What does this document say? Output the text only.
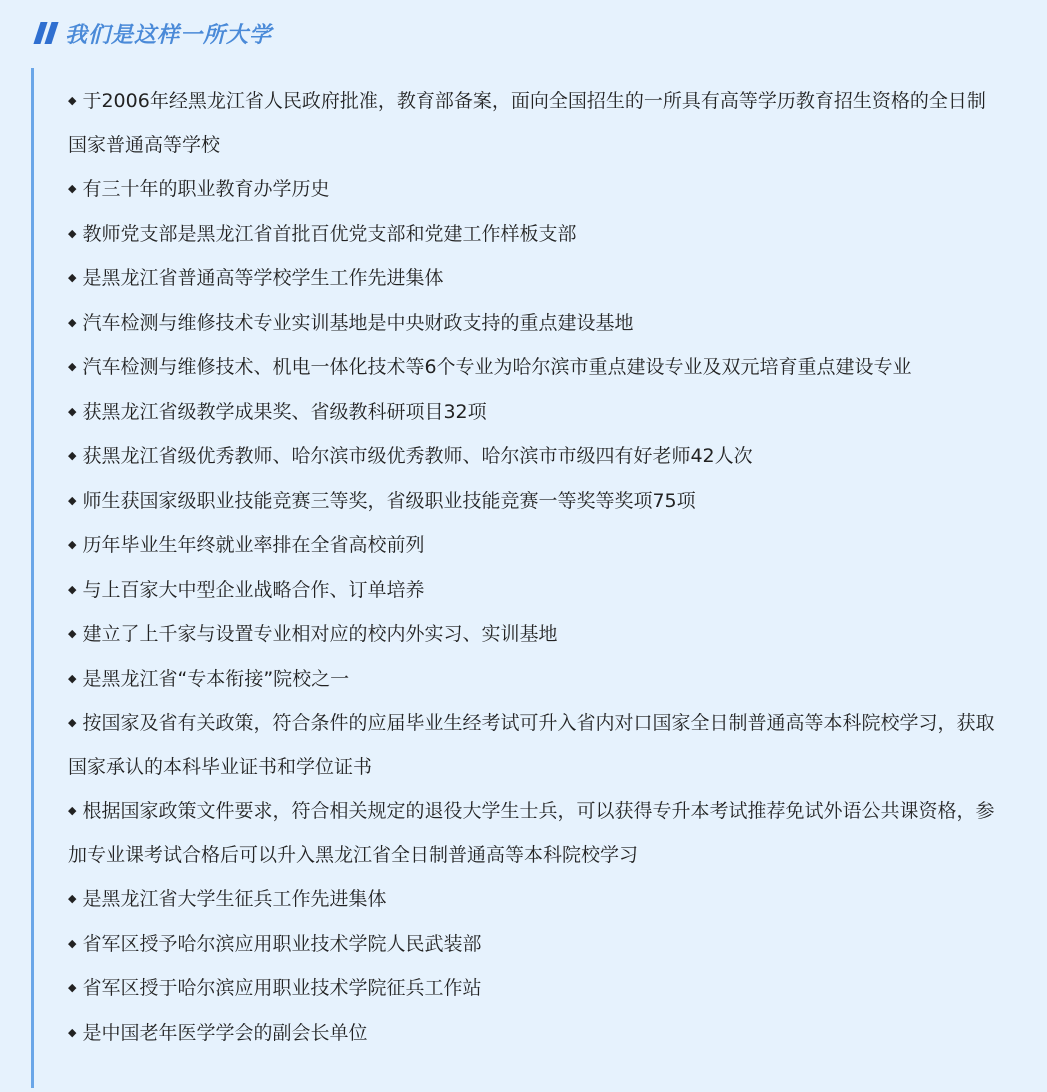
我们是这样一所大学
◆ 于2006年经黑龙江省人民政府批准，教育部备案，面向全国招生的一所具有高等学历教育招生资格的全日制国家普通高等学校
◆ 有三十年的职业教育办学历史
◆ 教师党支部是黑龙江省首批百优党支部和党建工作样板支部
◆ 是黑龙江省普通高等学校学生工作先进集体
◆ 汽车检测与维修技术专业实训基地是中央财政支持的重点建设基地
◆ 汽车检测与维修技术、机电一体化技术等6个专业为哈尔滨市重点建设专业及双元培育重点建设专业
◆ 获黑龙江省级教学成果奖、省级教科研项目32项
◆ 获黑龙江省级优秀教师、哈尔滨市级优秀教师、哈尔滨市市级四有好老师42人次
◆ 师生获国家级职业技能竞赛三等奖，省级职业技能竞赛一等奖等奖项75项
◆ 历年毕业生年终就业率排在全省高校前列
◆ 与上百家大中型企业战略合作、订单培养
◆ 建立了上千家与设置专业相对应的校内外实习、实训基地
◆ 是黑龙江省“专本衔接”院校之一
◆ 按国家及省有关政策，符合条件的应届毕业生经考试可升入省内对口国家全日制普通高等本科院校学习，获取国家承认的本科毕业证书和学位证书
◆ 根据国家政策文件要求，符合相关规定的退役大学生士兵，可以获得专升本考试推荐免试外语公共课资格，参加专业课考试合格后可以升入黑龙江省全日制普通高等本科院校学习
◆ 是黑龙江省大学生征兵工作先进集体
◆ 省军区授予哈尔滨应用职业技术学院人民武装部
◆ 省军区授于哈尔滨应用职业技术学院征兵工作站
◆ 是中国老年医学学会的副会长单位
